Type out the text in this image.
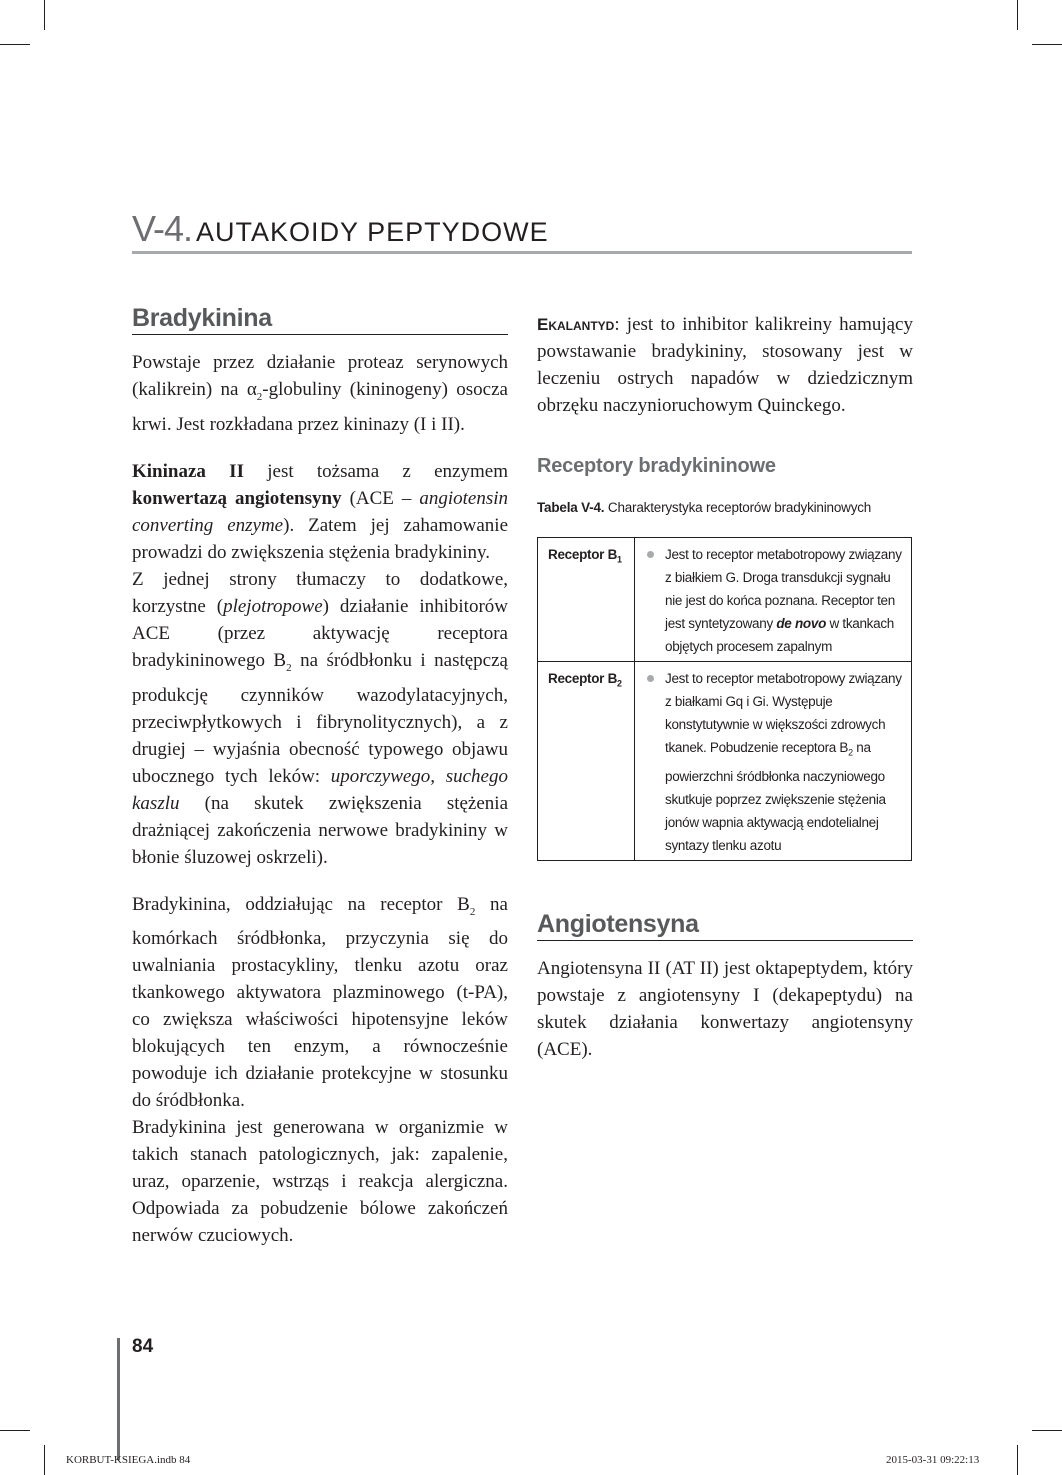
V-4. AUTAKOIDY PEPTYDOWE
Bradykinina

Powstaje przez działanie proteaz serynowych (kalikrein) na $\alpha_2$-globuliny (kininogeny) osocza krwi. Jest rozkładana przez kininazy (I i II).

Kininaza II jest tożsama z enzymem konwertazą angiotensyny (ACE – angiotensin converting enzyme). Zatem jej zahamowanie prowadzi do zwiększenia stężenia bradykininy.

Z jednej strony tłumaczy to dodatkowe, korzystne (plejotropowe) działanie inhibitorów ACE (przez aktywację receptora bradykininowego $B_2$ na śródbłonku i następczą produkcję czynników wazodylatacyjnych, przeciwpłytkowych i fibrynolitycznych), a z drugiej – wyjaśnia obecność typowego objawu ubocznego tych leków: uporczywego, suchego kaszlu (na skutek zwiększenia stężenia drażniącej zakończenia nerwowe bradykininy w błonie śluzowej oskrzeli).

Bradykinina, oddziałując na receptor $B_2$ na komórkach śródbłonka, przyczynia się do uwalniania prostacykliny, tlenku azotu oraz tkankowego aktywatora plazminowego (t-PA), co zwiększa właściwości hipotensyjne leków blokujących ten enzym, a równocześnie powoduje ich działanie protekcyjne w stosunku do śródbłonka.

Bradykinina jest generowana w organizmie w takich stanach patologicznych, jak: zapalenie, uraz, oparzenie, wstrząs i reakcja alergiczna. Odpowiada za pobudzenie bólowe zakończeń nerwów czuciowych.

Ekalantyd: jest to inhibitor kalikreiny hamujący powstawanie bradykininy, stosowany jest w leczeniu ostrych napadów w dziedzicznym obrzęku naczynioruchowym Quinckego.

Receptory bradykininowe
Tabela V-4. Charakterystyka receptorów bradykininowych
Receptor $B_1$	Jest to receptor metabotropowy związany z białkiem G. Droga transdukcji sygnału nie jest do końca poznana. Receptor ten jest syntetyzowany de novo w tkankach objętych procesem zapalnym
Receptor $B_2$	Jest to receptor metabotropowy związany z białkami Gq i Gi. Występuje konstytutywnie w większości zdrowych tkanek. Pobudzenie receptora $B_2$ na powierzchni śródbłonka naczyniowego skutkuje poprzez zwiększenie stężenia jonów wapnia aktywacją endotelialnej syntazy tlenku azotu
Angiotensyna

Angiotensyna II (AT II) jest oktapeptydem, który powstaje z angiotensyny I (dekapeptydu) na skutek działania konwertazy angiotensyny (ACE).

84
KORBUT-KSIEGA.indb 84	2015-03-31 09:22:13
